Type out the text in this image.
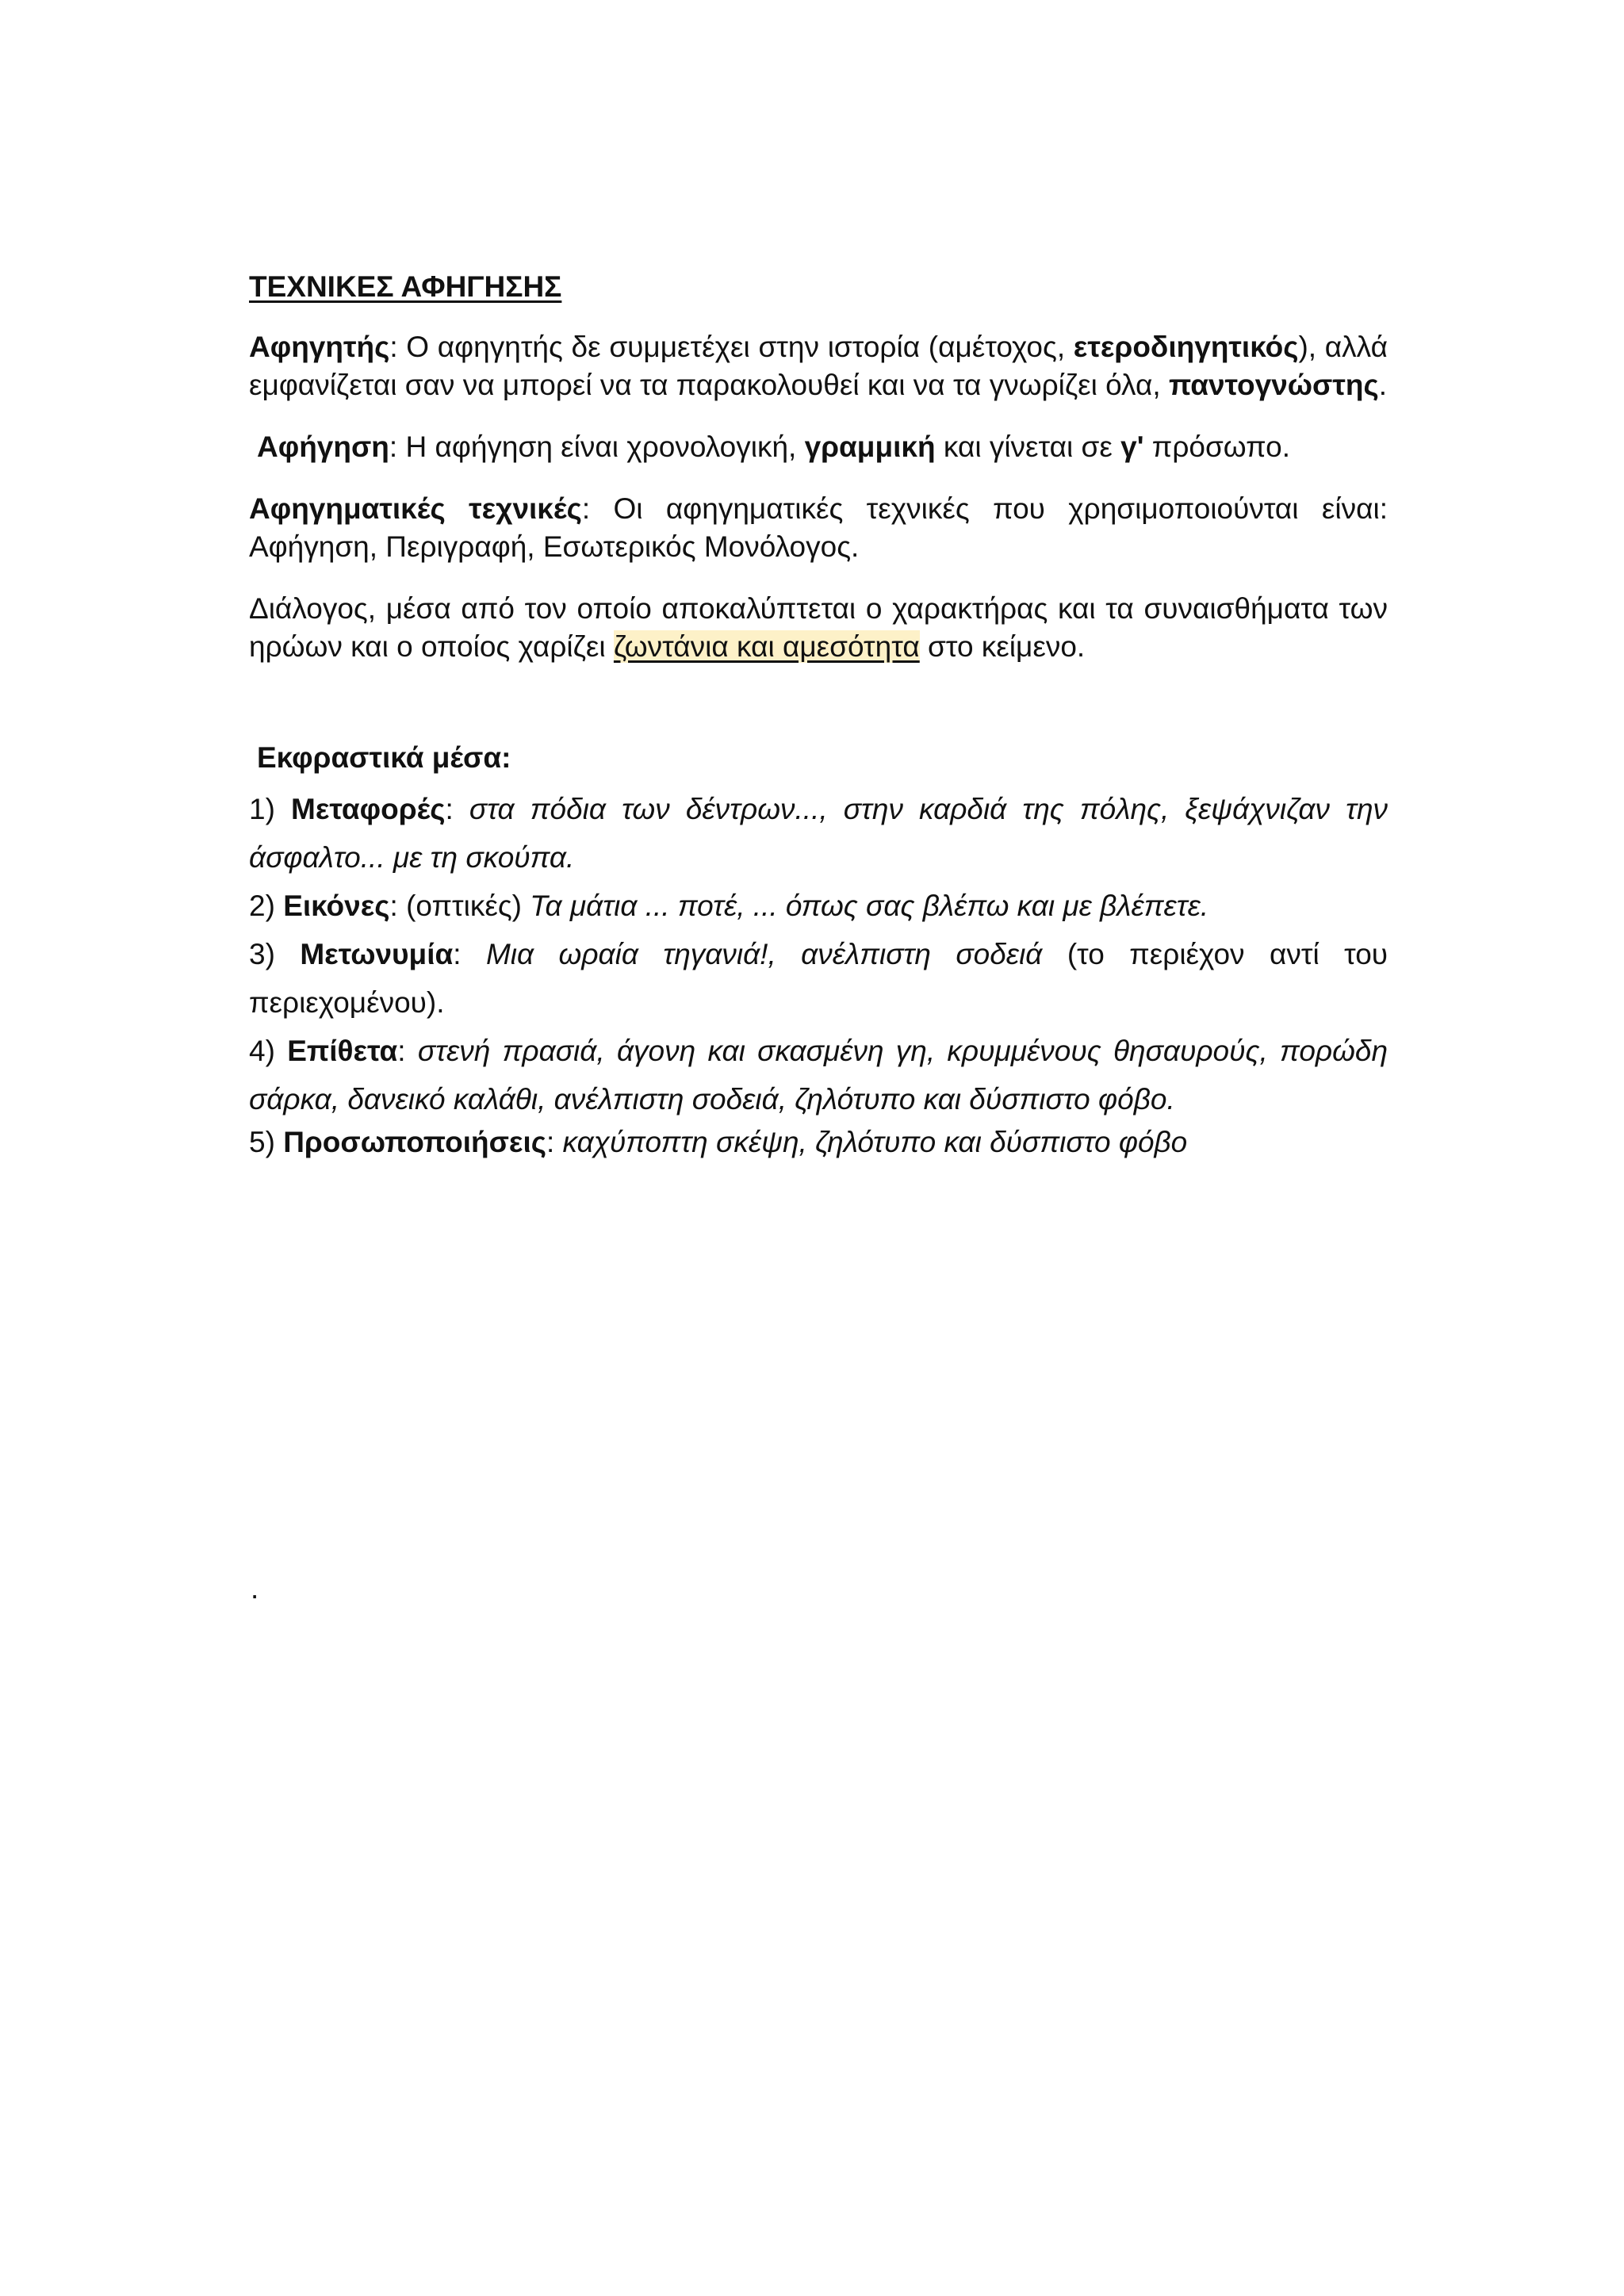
ΤΕΧΝΙΚΕΣ ΑΦΗΓΗΣΗΣ

Αφηγητής: Ο αφηγητής δε συμμετέχει στην ιστορία (αμέτοχος, ετεροδιηγητικός), αλλά εμφανίζεται σαν να μπορεί να τα παρακολουθεί και να τα γνωρίζει όλα, παντογνώστης.

Αφήγηση: Η αφήγηση είναι χρονολογική, γραμμική και γίνεται σε γ' πρόσωπο.

Αφηγηματικές τεχνικές: Οι αφηγηματικές τεχνικές που χρησιμοποιούνται είναι: Αφήγηση, Περιγραφή, Εσωτερικός Μονόλογος.

Διάλογος, μέσα από τον οποίο αποκαλύπτεται ο χαρακτήρας και τα συναισθήματα των ηρώων και ο οποίος χαρίζει ζωντάνια και αμεσότητα στο κείμενο.

Εκφραστικά μέσα:

1) Μεταφορές: στα πόδια των δέντρων..., στην καρδιά της πόλης, ξεψάχνιζαν την άσφαλτο... με τη σκούπα.

2) Εικόνες: (οπτικές) Τα μάτια ... ποτέ, ... όπως σας βλέπω και με βλέπετε.

3) Μετωνυμία: Μια ωραία τηγανιά!, ανέλπιστη σοδειά (το περιέχον αντί του περιεχομένου).

4) Επίθετα: στενή πρασιά, άγονη και σκασμένη γη, κρυμμένους θησαυρούς, πορώδη σάρκα, δανεικό καλάθι, ανέλπιστη σοδειά, ζηλότυπο και δύσπιστο φόβο.

5) Προσωποποιήσεις: καχύποπτη σκέψη, ζηλότυπο και δύσπιστο φόβο

.
